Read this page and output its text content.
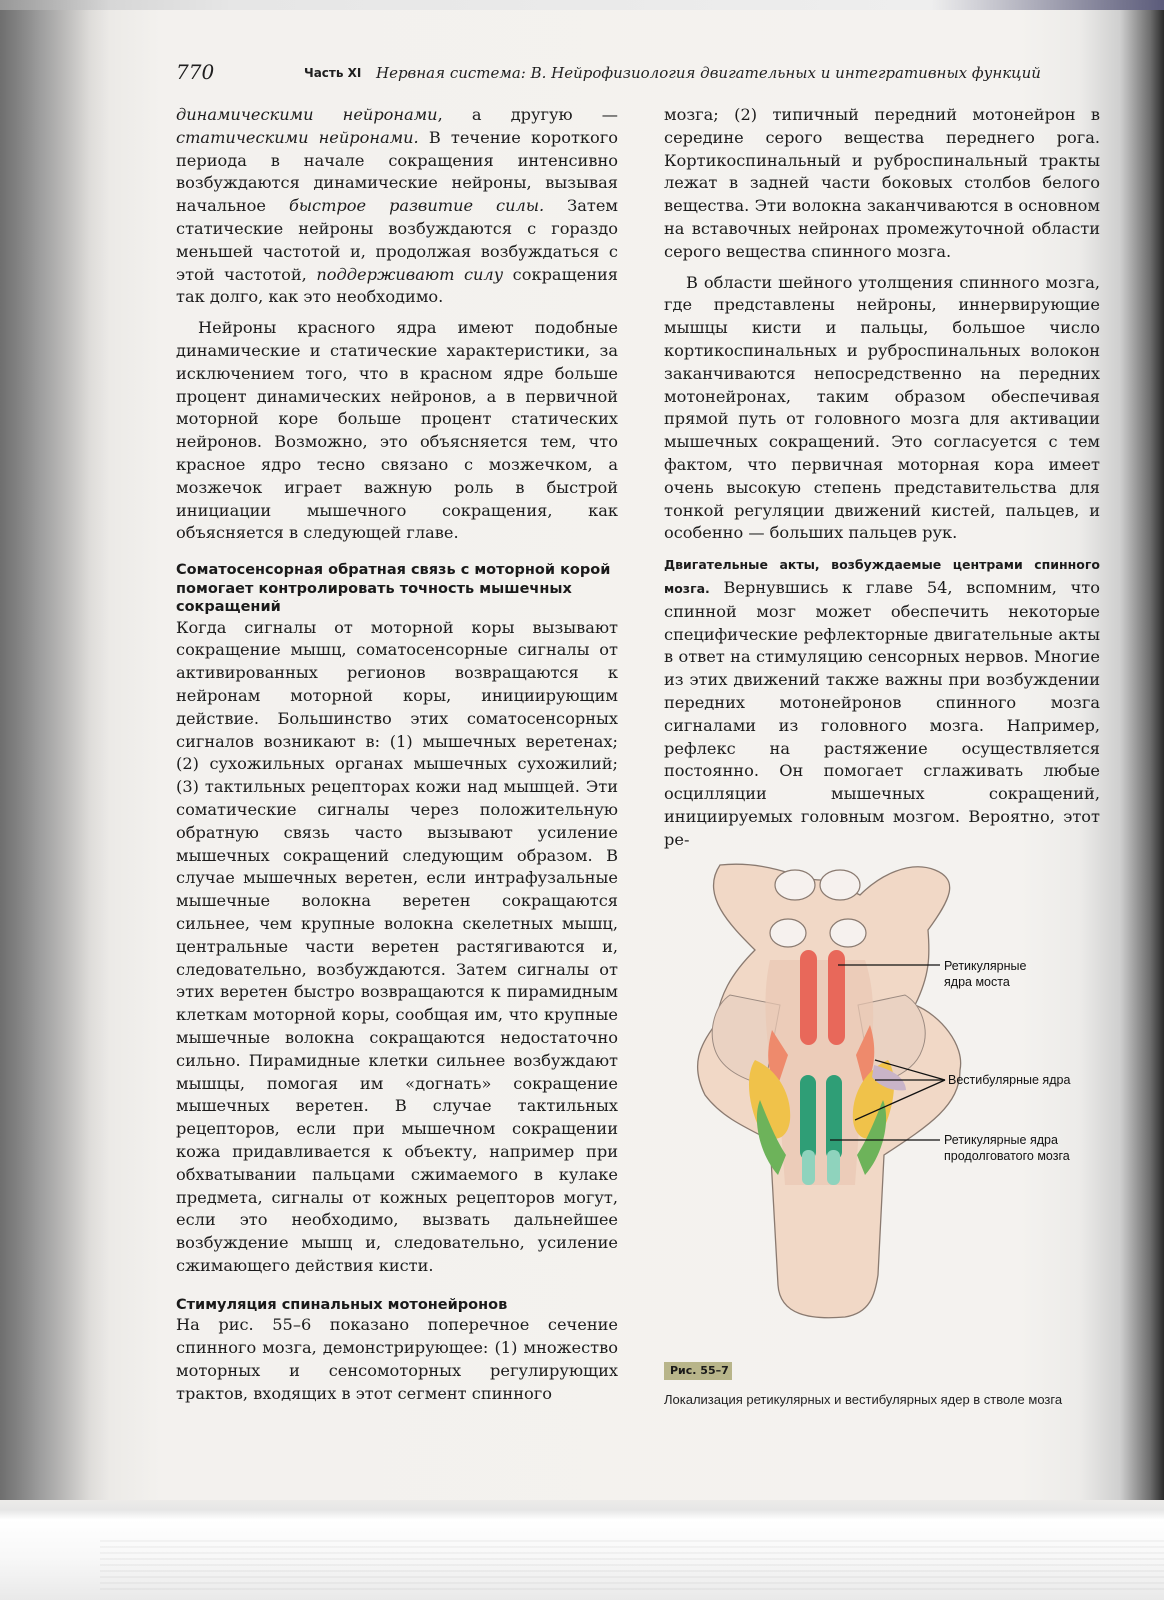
770	Часть XI Нервная система: В. Нейрофизиология двигательных и интегративных функций

динамическими нейронами, а другую — статическими нейронами. В течение короткого периода в начале сокращения интенсивно возбуждаются динамические нейроны, вызывая начальное быстрое развитие силы. Затем статические нейроны возбуждаются с гораздо меньшей частотой и, продолжая возбуждаться с этой частотой, поддерживают силу сокращения так долго, как это необходимо.

Нейроны красного ядра имеют подобные динамические и статические характеристики, за исключением того, что в красном ядре больше процент динамических нейронов, а в первичной моторной коре больше процент статических нейронов. Возможно, это объясняется тем, что красное ядро тесно связано с мозжечком, а мозжечок играет важную роль в быстрой инициации мышечного сокращения, как объясняется в следующей главе.

Соматосенсорная обратная связь с моторной корой помогает контролировать точность мышечных сокращений

Когда сигналы от моторной коры вызывают сокращение мышц, соматосенсорные сигналы от активированных регионов возвращаются к нейронам моторной коры, инициирующим действие. Большинство этих соматосенсорных сигналов возникают в: (1) мышечных веретенах; (2) сухожильных органах мышечных сухожилий; (3) тактильных рецепторах кожи над мышцей. Эти соматические сигналы через положительную обратную связь часто вызывают усиление мышечных сокращений следующим образом. В случае мышечных веретен, если интрафузальные мышечные волокна веретен сокращаются сильнее, чем крупные волокна скелетных мышц, центральные части веретен растягиваются и, следовательно, возбуждаются. Затем сигналы от этих веретен быстро возвращаются к пирамидным клеткам моторной коры, сообщая им, что крупные мышечные волокна сокращаются недостаточно сильно. Пирамидные клетки сильнее возбуждают мышцы, помогая им «догнать» сокращение мышечных веретен. В случае тактильных рецепторов, если при мышечном сокращении кожа придавливается к объекту, например при обхватывании пальцами сжимаемого в кулаке предмета, сигналы от кожных рецепторов могут, если это необходимо, вызвать дальнейшее возбуждение мышц и, следовательно, усиление сжимающего действия кисти.

Стимуляция спинальных мотонейронов

На рис. 55–6 показано поперечное сечение спинного мозга, демонстрирующее: (1) множество моторных и сенсомоторных регулирующих трактов, входящих в этот сегмент спинного

мозга; (2) типичный передний мотонейрон в середине серого вещества переднего рога. Кортикоспинальный и руброспинальный тракты лежат в задней части боковых столбов белого вещества. Эти волокна заканчиваются в основном на вставочных нейронах промежуточной области серого вещества спинного мозга.

В области шейного утолщения спинного мозга, где представлены нейроны, иннервирующие мышцы кисти и пальцы, большое число кортикоспинальных и руброспинальных волокон заканчиваются непосредственно на передних мотонейронах, таким образом обеспечивая прямой путь от головного мозга для активации мышечных сокращений. Это согласуется с тем фактом, что первичная моторная кора имеет очень высокую степень представительства для тонкой регуляции движений кистей, пальцев, и особенно — больших пальцев рук.

Двигательные акты, возбуждаемые центрами спинного мозга. Вернувшись к главе 54, вспомним, что спинной мозг может обеспечить некоторые специфические рефлекторные двигательные акты в ответ на стимуляцию сенсорных нервов. Многие из этих движений также важны при возбуждении передних мотонейронов спинного мозга сигналами из головного мозга. Например, рефлекс на растяжение осуществляется постоянно. Он помогает сглаживать любые осцилляции мышечных сокращений, инициируемых головным мозгом. Вероятно, этот ре-

Ретикулярные
ядра моста
Вестибулярные ядра
Ретикулярные ядра
продолговатого мозга
Рис. 55–7
Локализация ретикулярных и вестибулярных ядер в стволе мозга
